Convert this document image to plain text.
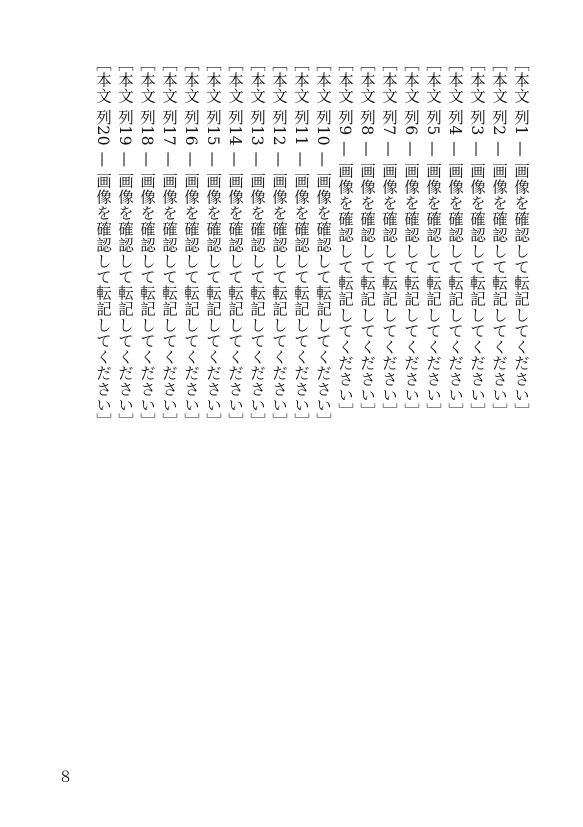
［本文 列1 — 画像を確認して転記してください］

［本文 列2 — 画像を確認して転記してください］

［本文 列3 — 画像を確認して転記してください］

［本文 列4 — 画像を確認して転記してください］

［本文 列5 — 画像を確認して転記してください］

［本文 列6 — 画像を確認して転記してください］

［本文 列7 — 画像を確認して転記してください］

［本文 列8 — 画像を確認して転記してください］

［本文 列9 — 画像を確認して転記してください］

［本文 列10 — 画像を確認して転記してください］

［本文 列11 — 画像を確認して転記してください］

［本文 列12 — 画像を確認して転記してください］

［本文 列13 — 画像を確認して転記してください］

［本文 列14 — 画像を確認して転記してください］

［本文 列15 — 画像を確認して転記してください］

［本文 列16 — 画像を確認して転記してください］

［本文 列17 — 画像を確認して転記してください］

［本文 列18 — 画像を確認して転記してください］

［本文 列19 — 画像を確認して転記してください］

［本文 列20 — 画像を確認して転記してください］

８
